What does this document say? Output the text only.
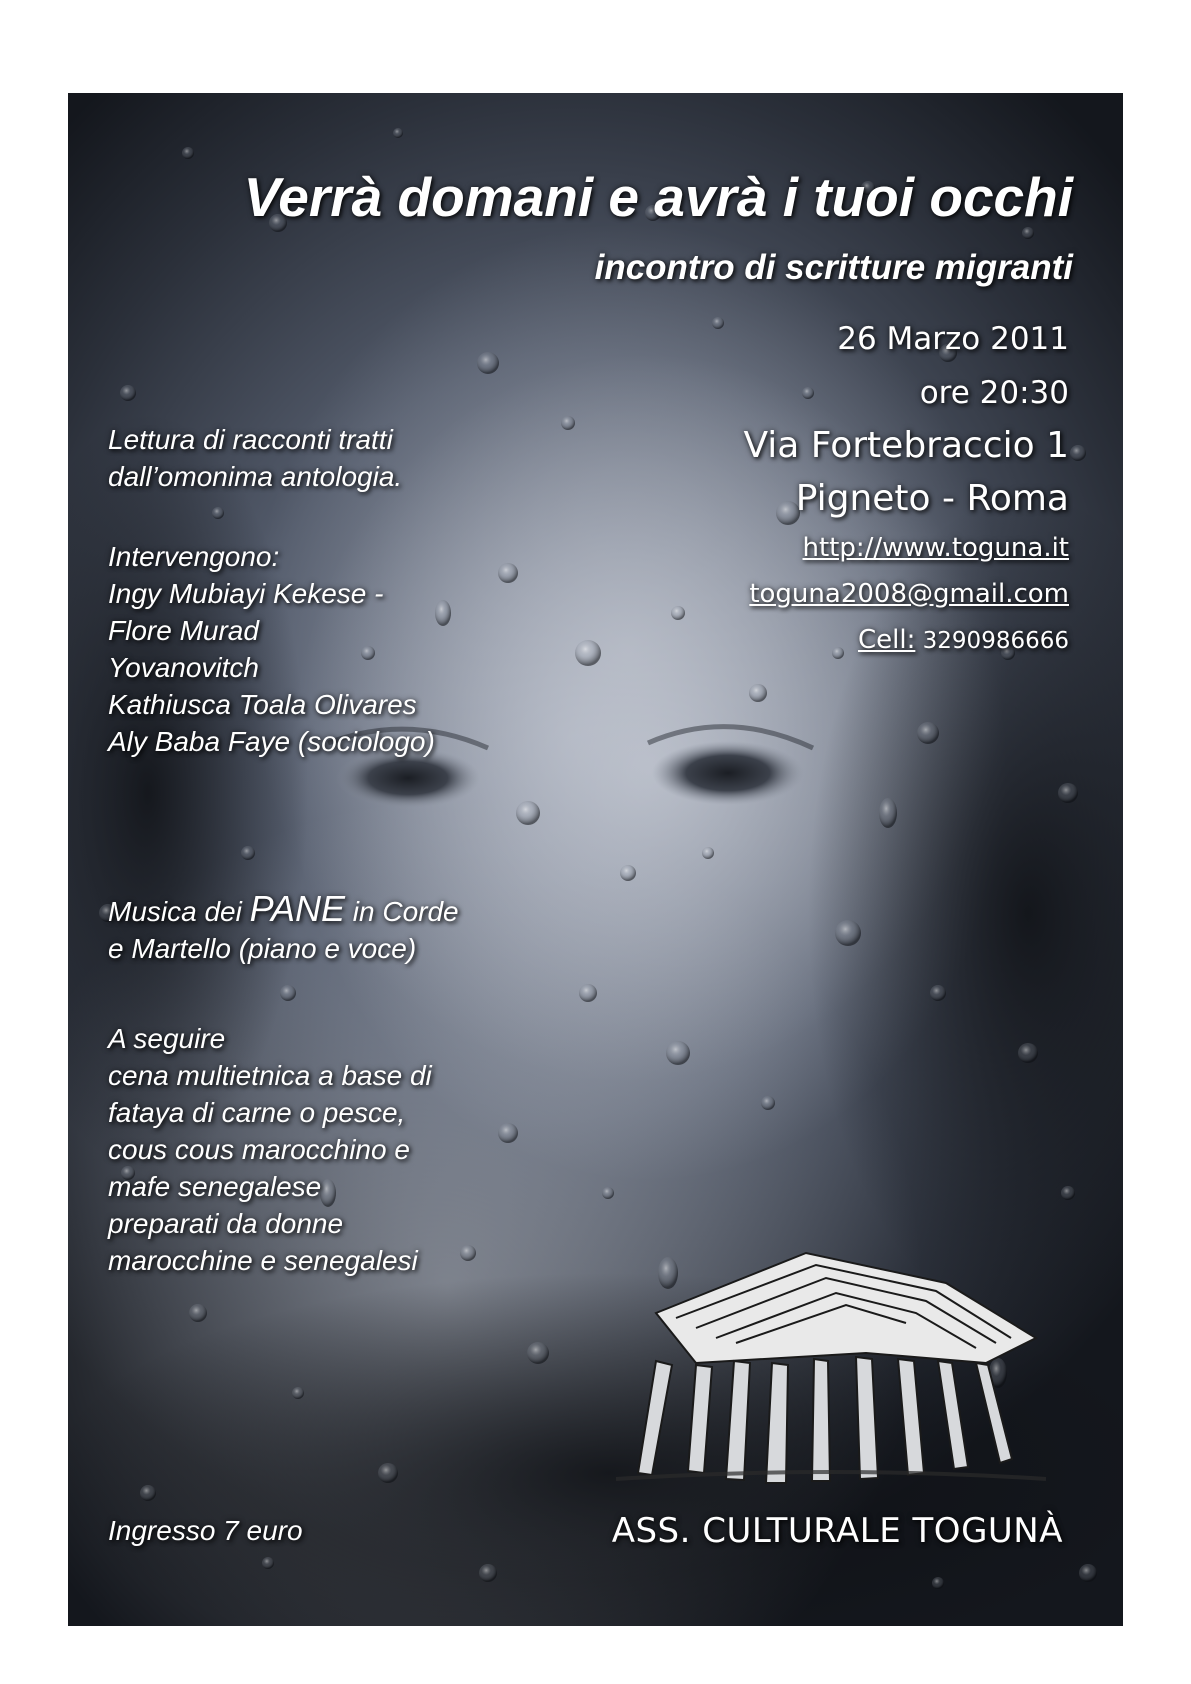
Verrà domani e avrà i tuoi occhi
incontro di scritture migranti
26 Marzo 2011
ore 20:30
Via Fortebraccio 1
Pigneto - Roma
http://www.toguna.it
toguna2008@gmail.com
Cell: 3290986666
Lettura di racconti tratti
dall’omonima antologia.
Intervengono:
Ingy Mubiayi Kekese -
Flore Murad
Yovanovitch
Kathiusca Toala Olivares
Aly Baba Faye (sociologo)
Musica dei PANE in Corde
e Martello (piano e voce)
A seguire
cena multietnica a base di
fataya di carne o pesce,
cous cous marocchino e
mafe senegalese
preparati da donne
marocchine e senegalesi
Ingresso 7 euro	ASS. CULTURALE TOGUNÀ
